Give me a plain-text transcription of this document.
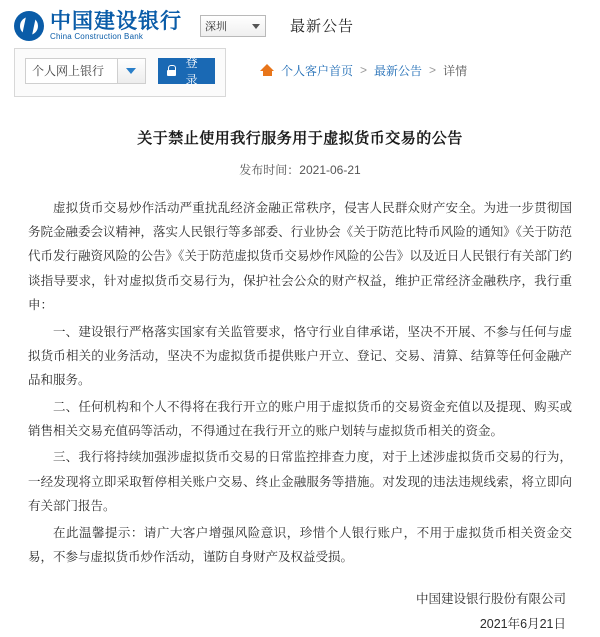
中国建设银行
China Construction Bank
深圳	最新公告
个人网上银行
登录
个人客户首页 > 最新公告 > 详情
关于禁止使用我行服务用于虚拟货币交易的公告
发布时间：2021-06-21

虚拟货币交易炒作活动严重扰乱经济金融正常秩序，侵害人民群众财产安全。为进一步贯彻国务院金融委会议精神，落实人民银行等多部委、行业协会《关于防范比特币风险的通知》《关于防范代币发行融资风险的公告》《关于防范虚拟货币交易炒作风险的公告》以及近日人民银行有关部门约谈指导要求，针对虚拟货币交易行为，保护社会公众的财产权益，维护正常经济金融秩序，我行重申：

一、建设银行严格落实国家有关监管要求，恪守行业自律承诺，坚决不开展、不参与任何与虚拟货币相关的业务活动，坚决不为虚拟货币提供账户开立、登记、交易、清算、结算等任何金融产品和服务。

二、任何机构和个人不得将在我行开立的账户用于虚拟货币的交易资金充值以及提现、购买或销售相关交易充值码等活动，不得通过在我行开立的账户划转与虚拟货币相关的资金。

三、我行将持续加强涉虚拟货币交易的日常监控排查力度，对于上述涉虚拟货币交易的行为，一经发现将立即采取暂停相关账户交易、终止金融服务等措施。对发现的违法违规线索，将立即向有关部门报告。

在此温馨提示：请广大客户增强风险意识，珍惜个人银行账户，不用于虚拟货币相关资金交易，不参与虚拟货币炒作活动，谨防自身财产及权益受损。

中国建设银行股份有限公司
2021年6月21日
